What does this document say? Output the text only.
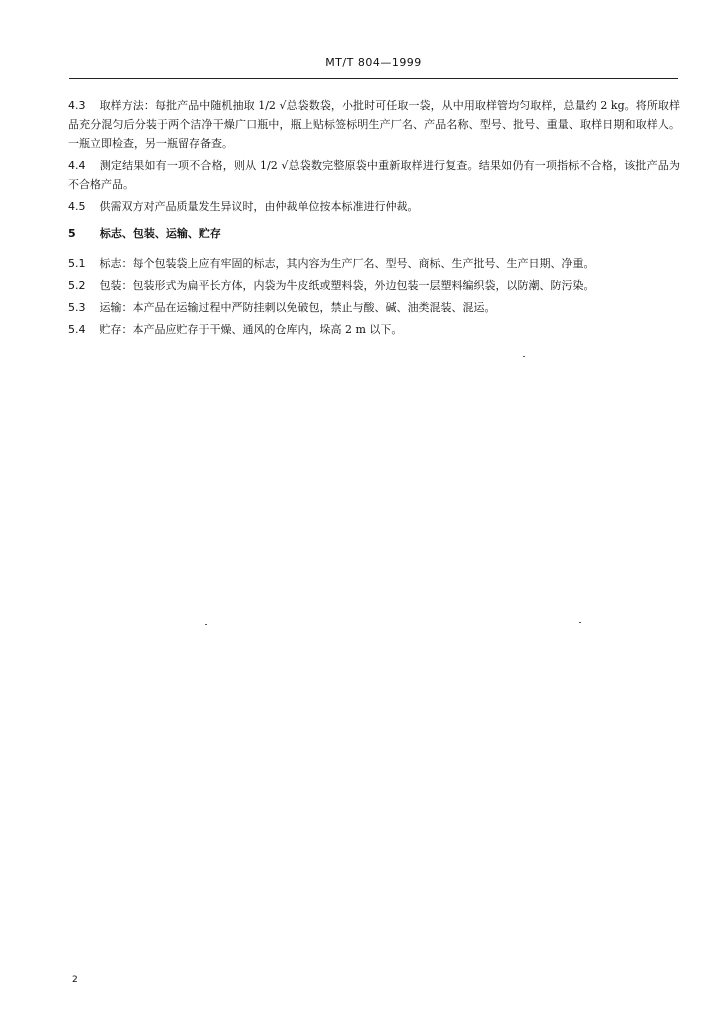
MT/T 804—1999

4.3 取样方法：每批产品中随机抽取 1/2 √总袋数袋，小批时可任取一袋，从中用取样管均匀取样，总量约 2 kg。将所取样品充分混匀后分装于两个洁净干燥广口瓶中，瓶上贴标签标明生产厂名、产品名称、型号、批号、重量、取样日期和取样人。一瓶立即检查，另一瓶留存备查。

4.4 测定结果如有一项不合格，则从 1/2 √总袋数完整原袋中重新取样进行复查。结果如仍有一项指标不合格，该批产品为不合格产品。

4.5 供需双方对产品质量发生异议时，由仲裁单位按本标准进行仲裁。

5 标志、包装、运输、贮存

5.1 标志：每个包装袋上应有牢固的标志，其内容为生产厂名、型号、商标、生产批号、生产日期、净重。

5.2 包装：包装形式为扁平长方体，内袋为牛皮纸或塑料袋，外边包装一层塑料编织袋，以防潮、防污染。

5.3 运输：本产品在运输过程中严防挂刺以免破包，禁止与酸、碱、油类混装、混运。

5.4 贮存：本产品应贮存于干燥、通风的仓库内，垛高 2 m 以下。

2
